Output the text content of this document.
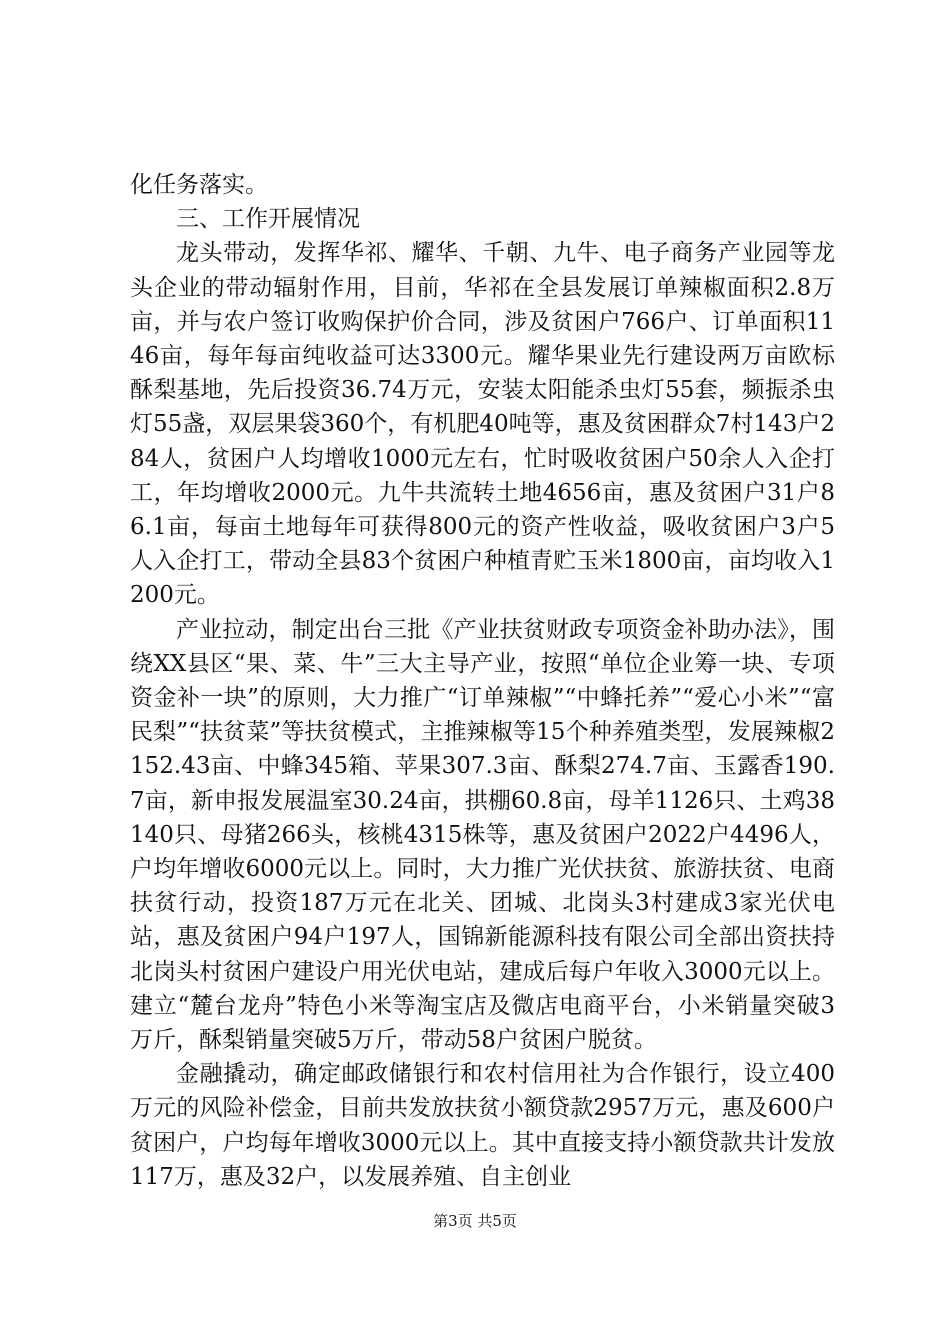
化任务落实。

三、工作开展情况

龙头带动，发挥华祁、耀华、千朝、九牛、电子商务产业园等龙头企业的带动辐射作用，目前，华祁在全县发展订单辣椒面积2.8万亩，并与农户签订收购保护价合同，涉及贫困户766户、订单面积1146亩，每年每亩纯收益可达3300元。耀华果业先行建设两万亩欧标酥梨基地，先后投资36.74万元，安装太阳能杀虫灯55套，频振杀虫灯55盏，双层果袋360个，有机肥40吨等，惠及贫困群众7村143户284人，贫困户人均增收1000元左右，忙时吸收贫困户50余人入企打工，年均增收2000元。九牛共流转土地4656亩，惠及贫困户31户86.1亩，每亩土地每年可获得800元的资产性收益，吸收贫困户3户5人入企打工，带动全县83个贫困户种植青贮玉米1800亩，亩均收入1200元。

产业拉动，制定出台三批《产业扶贫财政专项资金补助办法》，围绕XX县区“果、菜、牛”三大主导产业，按照“单位企业筹一块、专项资金补一块”的原则，大力推广“订单辣椒”“中蜂托养”“爱心小米”“富民梨”“扶贫菜”等扶贫模式，主推辣椒等15个种养殖类型，发展辣椒2152.43亩、中蜂345箱、苹果307.3亩、酥梨274.7亩、玉露香190.7亩，新申报发展温室30.24亩，拱棚60.8亩，母羊1126只、土鸡38140只、母猪266头，核桃4315株等，惠及贫困户2022户4496人，户均年增收6000元以上。同时，大力推广光伏扶贫、旅游扶贫、电商扶贫行动，投资187万元在北关、团城、北岗头3村建成3家光伏电站，惠及贫困户94户197人，国锦新能源科技有限公司全部出资扶持北岗头村贫困户建设户用光伏电站，建成后每户年收入3000元以上。建立“麓台龙舟”特色小米等淘宝店及微店电商平台，小米销量突破3万斤，酥梨销量突破5万斤，带动58户贫困户脱贫。

金融撬动，确定邮政储银行和农村信用社为合作银行，设立400万元的风险补偿金，目前共发放扶贫小额贷款2957万元，惠及600户贫困户，户均每年增收3000元以上。其中直接支持小额贷款共计发放117万，惠及32户，以发展养殖、自主创业

第3页 共5页
